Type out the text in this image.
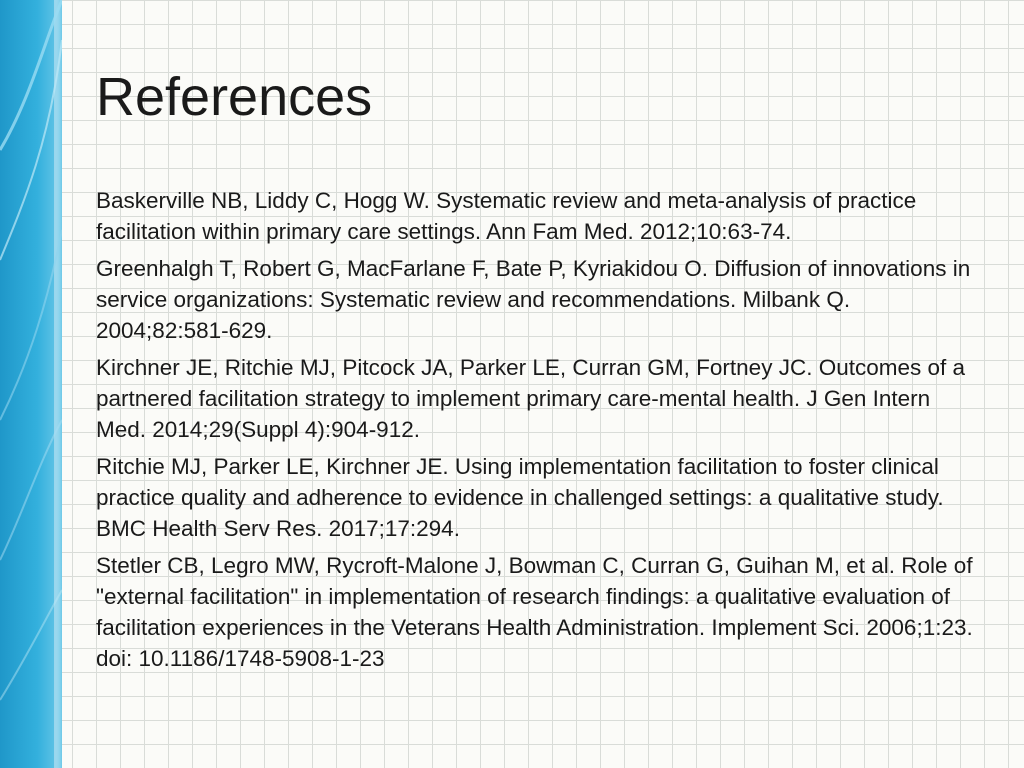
References
Baskerville NB, Liddy C, Hogg W. Systematic review and meta-analysis of practice facilitation within primary care settings. Ann Fam Med. 2012;10:63-74.
Greenhalgh T, Robert G, MacFarlane F, Bate P, Kyriakidou O. Diffusion of innovations in service organizations: Systematic review and recommendations. Milbank Q. 2004;82:581-629.
Kirchner JE, Ritchie MJ, Pitcock JA, Parker LE, Curran GM, Fortney JC. Outcomes of a partnered facilitation strategy to implement primary care-mental health. J Gen Intern Med. 2014;29(Suppl 4):904-912.
Ritchie MJ, Parker LE, Kirchner JE. Using implementation facilitation to foster clinical practice quality and adherence to evidence in challenged settings: a qualitative study. BMC Health Serv Res. 2017;17:294.
Stetler CB, Legro MW, Rycroft-Malone J, Bowman C, Curran G, Guihan M, et al. Role of "external facilitation" in implementation of research findings: a qualitative evaluation of facilitation experiences in the Veterans Health Administration. Implement Sci. 2006;1:23. doi: 10.1186/1748-5908-1-23
